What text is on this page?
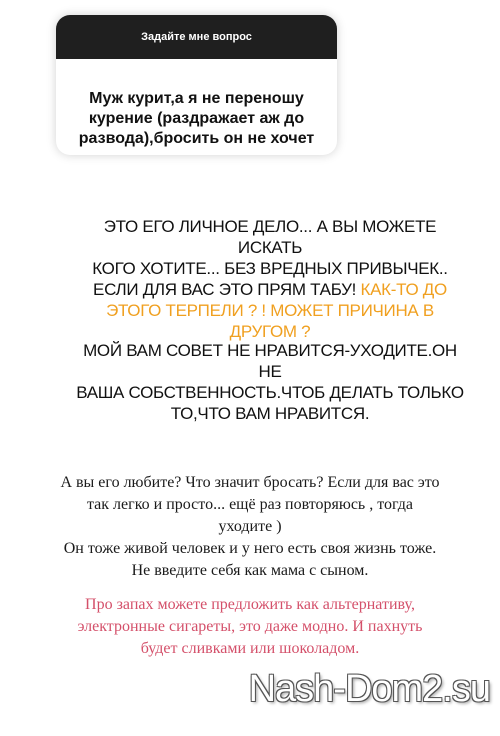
Задайте мне вопрос
Муж курит,а я не переношу
курение (раздражает аж до
развода),бросить он не хочет
ЭТО ЕГО ЛИЧНОЕ ДЕЛО... А ВЫ МОЖЕТЕ ИСКАТЬ
КОГО ХОТИТЕ... БЕЗ ВРЕДНЫХ ПРИВЫЧЕК..
ЕСЛИ ДЛЯ ВАС ЭТО ПРЯМ ТАБУ! КАК-ТО ДО
ЭТОГО ТЕРПЕЛИ ? ! МОЖЕТ ПРИЧИНА В
ДРУГОМ ?
МОЙ ВАМ СОВЕТ НЕ НРАВИТСЯ-УХОДИТЕ.ОН НЕ
ВАША СОБСТВЕННОСТЬ.ЧТОБ ДЕЛАТЬ ТОЛЬКО
ТО,ЧТО ВАМ НРАВИТСЯ.
А вы его любите? Что значит бросать? Если для вас это
так легко и просто... ещё раз повторяюсь , тогда
уходите )
Он тоже живой человек и у него есть своя жизнь тоже.
Не введите себя как мама с сыном.
Про запах можете предложить как альтернативу,
электронные сигареты, это даже модно. И пахнуть
будет сливками или шоколадом.
Nash-Dom2.su
